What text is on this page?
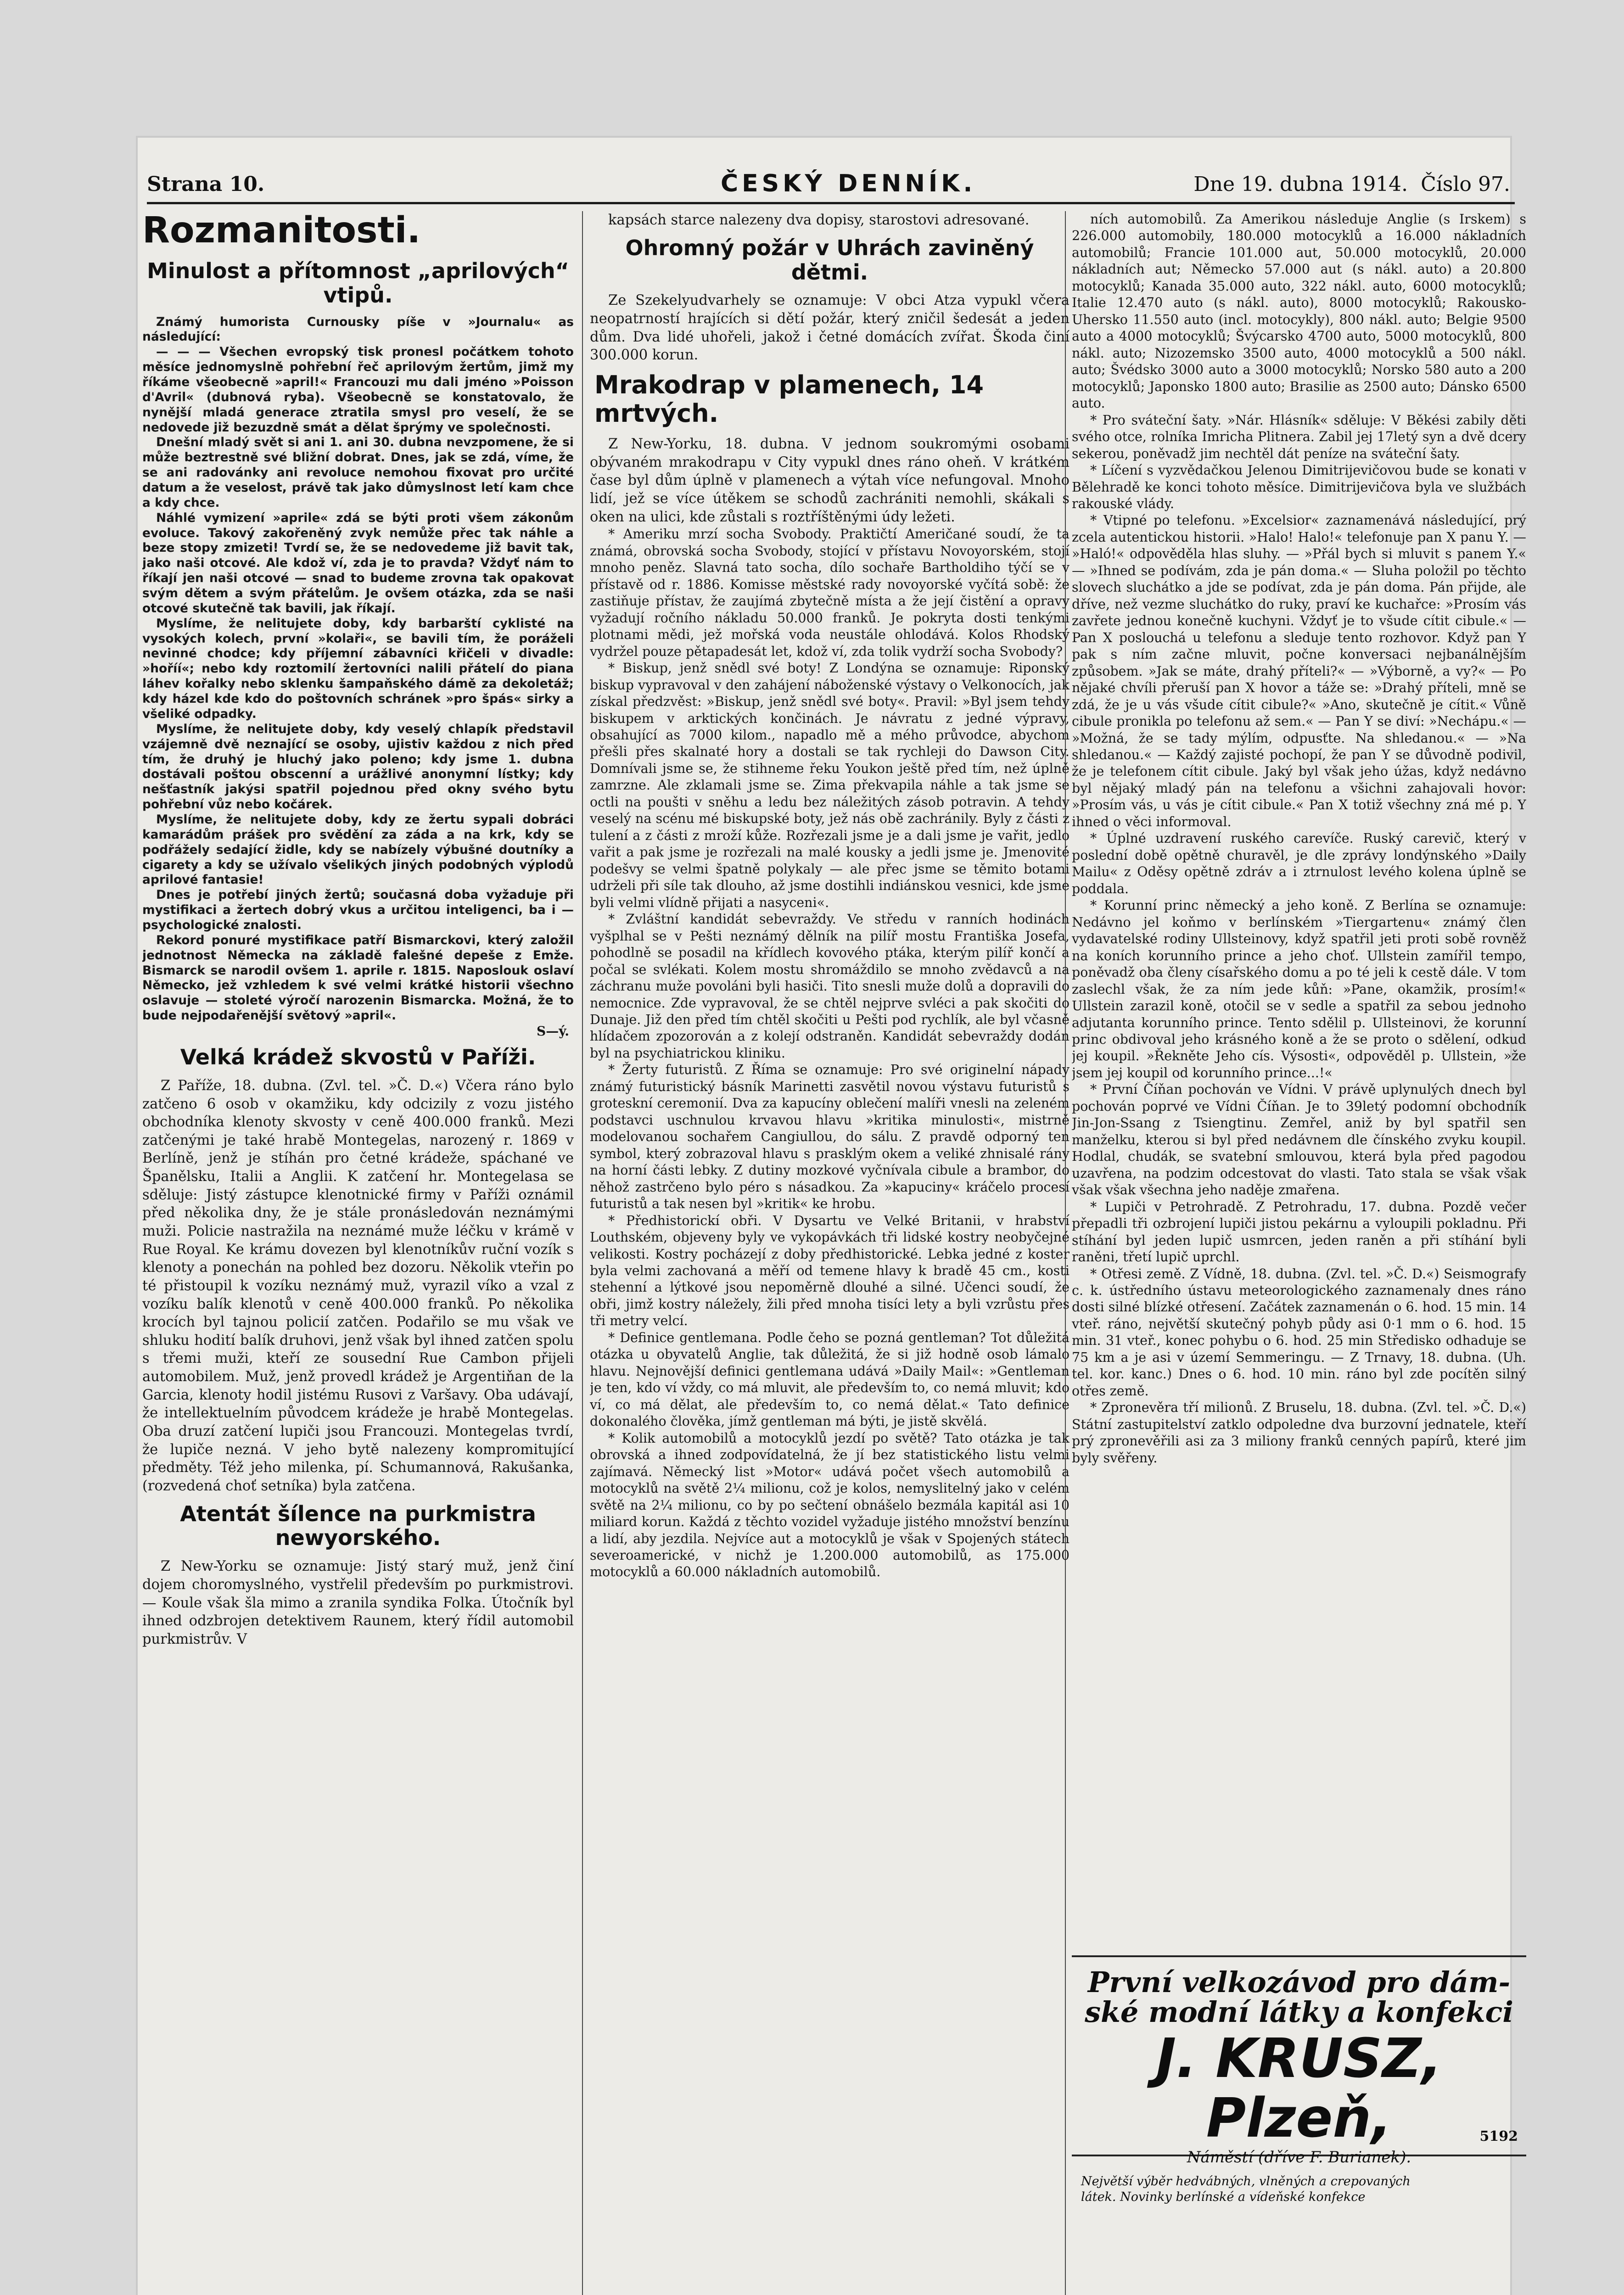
Strana 10.	ČESKÝ DENNÍK.	Dne 19. dubna 1914. Číslo 97.
Rozmanitosti.
Minulost a přítomnost „aprilových“ vtipů.

Známý humorista Curnousky píše v »Journalu« as následující:

— — — Všechen evropský tisk pronesl počátkem tohoto měsíce jednomyslně pohřební řeč aprilovým žertům, jimž my říkáme všeobecně »april!« Francouzi mu dali jméno »Poisson d'Avril« (dubnová ryba). Všeobecně se konstatovalo, že nynější mladá generace ztratila smysl pro veselí, že se nedovede již bezuzdně smát a dělat šprýmy ve společnosti.

Dnešní mladý svět si ani 1. ani 30. dubna nevzpomene, že si může beztrestně své bližní dobrat. Dnes, jak se zdá, víme, že se ani radovánky ani revoluce nemohou fixovat pro určité datum a že veselost, právě tak jako důmyslnost letí kam chce a kdy chce.

Náhlé vymizení »aprile« zdá se býti proti všem zákonům evoluce. Takový zakořeněný zvyk nemůže přec tak náhle a beze stopy zmizeti! Tvrdí se, že se nedovedeme již bavit tak, jako naši otcové. Ale kdož ví, zda je to pravda? Vždyť nám to říkají jen naši otcové — snad to budeme zrovna tak opakovat svým dětem a svým přátelům. Je ovšem otázka, zda se naši otcové skutečně tak bavili, jak říkají.

Myslíme, že nelitujete doby, kdy barbarští cyklisté na vysokých kolech, první »kolaři«, se bavili tím, že poráželi nevinné chodce; kdy příjemní zábavníci křičeli v divadle: »hoříí«; nebo kdy roztomilí žertovníci nalili přátelí do piana láhev kořalky nebo sklenku šampaňského dámě za dekoletáž; kdy házel kde kdo do poštovních schránek »pro špás« sirky a všeliké odpadky.

Myslíme, že nelitujete doby, kdy veselý chlapík představil vzájemně dvě neznající se osoby, ujistiv každou z nich před tím, že druhý je hluchý jako poleno; kdy jsme 1. dubna dostávali poštou obscenní a urážlivé anonymní lístky; kdy nešťastník jakýsi spatřil pojednou před okny svého bytu pohřební vůz nebo kočárek.

Myslíme, že nelitujete doby, kdy ze žertu sypali dobráci kamarádům prášek pro svědění za záda a na krk, kdy se podřážely sedající židle, kdy se nabízely výbušné doutníky a cigarety a kdy se užívalo všelikých jiných podobných výplodů aprilové fantasie!

Dnes je potřebí jiných žertů; současná doba vyžaduje při mystifikaci a žertech dobrý vkus a určitou inteligenci, ba i — psychologické znalosti.

Rekord ponuré mystifikace patří Bismarckovi, který založil jednotnost Německa na základě falešné depeše z Emže. Bismarck se narodil ovšem 1. aprile r. 1815. Naposlouk oslaví Německo, jež vzhledem k své velmi krátké historii všechno oslavuje — stoleté výročí narozenin Bismarcka. Možná, že to bude nejpodařenější světový »april«.

S—ý.

Velká krádež skvostů v Paříži.

Z Paříže, 18. dubna. (Zvl. tel. »Č. D.«) Včera ráno bylo zatčeno 6 osob v okamžiku, kdy odcizily z vozu jistého obchodníka klenoty skvosty v ceně 400.000 franků. Mezi zatčenými je také hrabě Montegelas, narozený r. 1869 v Berlíně, jenž je stíhán pro četné krádeže, spáchané ve Španělsku, Italii a Anglii. K zatčení hr. Montegelasa se sděluje: Jistý zástupce klenotnické firmy v Paříži oznámil před několika dny, že je stále pronásledován neznámými muži. Policie nastražila na neznámé muže léčku v krámě v Rue Royal. Ke krámu dovezen byl klenotníkův ruční vozík s klenoty a ponechán na pohled bez dozoru. Několik vteřin po té přistoupil k vozíku neznámý muž, vyrazil víko a vzal z vozíku balík klenotů v ceně 400.000 franků. Po několika krocích byl tajnou policií zatčen. Podařilo se mu však ve shluku hodití balík druhovi, jenž však byl ihned zatčen spolu s třemi muži, kteří ze sousední Rue Cambon přijeli automobilem. Muž, jenž provedl krádež je Argentiňan de la Garcia, klenoty hodil jistému Rusovi z Varšavy. Oba udávají, že intellektuelním původcem krádeže je hrabě Montegelas. Oba druzí zatčení lupiči jsou Francouzi. Montegelas tvrdí, že lupiče nezná. V jeho bytě nalezeny kompromitující předměty. Též jeho milenka, pí. Schumannová, Rakušanka, (rozvedená choť setníka) byla zatčena.

Atentát šílence na purkmistra newyorského.

Z New-Yorku se oznamuje: Jistý starý muž, jenž činí dojem choromyslného, vystřelil především po purkmistrovi. — Koule však šla mimo a zranila syndika Folka. Útočník byl ihned odzbrojen detektivem Raunem, který řídil automobil purkmistrův. V

kapsách starce nalezeny dva dopisy, starostovi adresované.

Ohromný požár v Uhrách zaviněný dětmi.

Ze Szekelyudvarhely se oznamuje: V obci Atza vypukl včera neopatrností hrajících si dětí požár, který zničil šedesát a jeden dům. Dva lidé uhořeli, jakož i četné domácích zvířat. Škoda činí 300.000 korun.

Mrakodrap v plamenech, 14 mrtvých.

Z New-Yorku, 18. dubna. V jednom soukromými osobami obývaném mrakodrapu v City vypukl dnes ráno oheň. V krátkém čase byl dům úplně v plamenech a výtah více nefungoval. Mnoho lidí, jež se více útěkem se schodů zachrániti nemohli, skákali s oken na ulici, kde zůstali s roztříštěnými údy ležeti.

* Ameriku mrzí socha Svobody. Praktičtí Američané soudí, že ta známá, obrovská socha Svobody, stojící v přístavu Novoyorském, stojí mnoho peněz. Slavná tato socha, dílo sochaře Bartholdiho týčí se v přístavě od r. 1886. Komisse městské rady novoyorské vyčítá sobě: že zastiňuje přístav, že zaujímá zbytečně místa a že její čistění a opravy vyžadují ročního nákladu 50.000 franků. Je pokryta dosti tenkými plotnami mědi, jež mořská voda neustále ohlodává. Kolos Rhodský vydržel pouze pětapadesát let, kdož ví, zda tolik vydrží socha Svobody?

* Biskup, jenž snědl své boty! Z Londýna se oznamuje: Riponský biskup vypravoval v den zahájení náboženské výstavy o Velkonocích, jak získal předzvěst: »Biskup, jenž snědl své boty«. Pravil: »Byl jsem tehdy biskupem v arktických končinách. Je návratu z jedné výpravy, obsahující as 7000 kilom., napadlo mě a mého průvodce, abychom přešli přes skalnaté hory a dostali se tak rychleji do Dawson City. Domnívali jsme se, že stihneme řeku Youkon ještě před tím, než úplně zamrzne. Ale zklamali jsme se. Zima překvapila náhle a tak jsme se octli na poušti v sněhu a ledu bez náležitých zásob potravin. A tehdy veselý na scénu mé biskupské boty, jež nás obě zachránily. Byly z části z tulení a z části z mroží kůže. Rozřezali jsme je a dali jsme je vařit, jedlo vařit a pak jsme je rozřezali na malé kousky a jedli jsme je. Jmenovité podešvy se velmi špatně polykaly — ale přec jsme se těmito botami udrželi při síle tak dlouho, až jsme dostihli indiánskou vesnici, kde jsme byli velmi vlídně přijati a nasyceni«.

* Zvláštní kandidát sebevraždy. Ve středu v ranních hodinách vyšplhal se v Pešti neznámý dělník na pilíř mostu Františka Josefa, pohodlně se posadil na křídlech kovového ptáka, kterým pilíř končí a počal se svlékati. Kolem mostu shromáždilo se mnoho zvědavců a na záchranu muže povoláni byli hasiči. Tito snesli muže dolů a dopravili do nemocnice. Zde vypravoval, že se chtěl nejprve svléci a pak skočiti do Dunaje. Již den před tím chtěl skočiti u Pešti pod rychlík, ale byl včasně hlídačem zpozorován a z kolejí odstraněn. Kandidát sebevraždy dodán byl na psychiatrickou kliniku.

* Žerty futuristů. Z Říma se oznamuje: Pro své originelní nápady známý futuristický básník Marinetti zasvětil novou výstavu futuristů s groteskní ceremonií. Dva za kapucíny oblečení malíři vnesli na zeleném podstavci uschnulou krvavou hlavu »kritika minulosti«, mistrně modelovanou sochařem Cangiullou, do sálu. Z pravdě odporný ten symbol, který zobrazoval hlavu s prasklým okem a veliké zhnisalé rány na horní části lebky. Z dutiny mozkové vyčnívala cibule a brambor, do něhož zastrčeno bylo péro s násadkou. Za »kapuciny« kráčelo procesí futuristů a tak nesen byl »kritik« ke hrobu.

* Předhistorickí obři. V Dysartu ve Velké Britanii, v hrabství Louthském, objeveny byly ve vykopávkách tři lidské kostry neobyčejné velikosti. Kostry pocházejí z doby předhistorické. Lebka jedné z koster byla velmi zachovaná a měří od temene hlavy k bradě 45 cm., kosti stehenní a lýtkové jsou nepoměrně dlouhé a silné. Učenci soudí, že obři, jimž kostry náležely, žili před mnoha tisíci lety a byli vzrůstu přes tři metry velcí.

* Definice gentlemana. Podle čeho se pozná gentleman? Tot důležitá otázka u obyvatelů Anglie, tak důležitá, že si již hodně osob lámalo hlavu. Nejnovější definici gentlemana udává »Daily Mail«: »Gentleman je ten, kdo ví vždy, co má mluvit, ale především to, co nemá mluvit; kdo ví, co má dělat, ale především to, co nemá dělat.« Tato definice dokonalého člověka, jímž gentleman má býti, je jistě skvělá.

* Kolik automobilů a motocyklů jezdí po světě? Tato otázka je tak obrovská a ihned zodpovídatelná, že jí bez statistického listu velmi zajímavá. Německý list »Motor« udává počet všech automobilů a motocyklů na světě 2¼ milionu, což je kolos, nemyslitelný jako v celém světě na 2¼ milionu, co by po sečtení obnášelo bezmála kapitál asi 10 miliard korun. Každá z těchto vozidel vyžaduje jistého množství benzínu a lidí, aby jezdila. Nejvíce aut a motocyklů je však v Spojených státech severoamerické, v nichž je 1.200.000 automobilů, as 175.000 motocyklů a 60.000 nákladních automobilů.

ních automobilů. Za Amerikou následuje Anglie (s Irskem) s 226.000 automobily, 180.000 motocyklů a 16.000 nákladních automobilů; Francie 101.000 aut, 50.000 motocyklů, 20.000 nákladních aut; Německo 57.000 aut (s nákl. auto) a 20.800 motocyklů; Kanada 35.000 auto, 322 nákl. auto, 6000 motocyklů; Italie 12.470 auto (s nákl. auto), 8000 motocyklů; Rakousko-Uhersko 11.550 auto (incl. motocykly), 800 nákl. auto; Belgie 9500 auto a 4000 motocyklů; Švýcarsko 4700 auto, 5000 motocyklů, 800 nákl. auto; Nizozemsko 3500 auto, 4000 motocyklů a 500 nákl. auto; Švédsko 3000 auto a 3000 motocyklů; Norsko 580 auto a 200 motocyklů; Japonsko 1800 auto; Brasilie as 2500 auto; Dánsko 6500 auto.

* Pro sváteční šaty. »Nár. Hlásník« sděluje: V Běkési zabily děti svého otce, rolníka Imricha Plitnera. Zabil jej 17letý syn a dvě dcery sekerou, poněvadž jim nechtěl dát peníze na sváteční šaty.

* Líčení s vyzvědačkou Jelenou Dimitrijevičovou bude se konati v Bělehradě ke konci tohoto měsíce. Dimitrijevičova byla ve službách rakouské vlády.

* Vtipné po telefonu. »Excelsior« zaznamenává následující, prý zcela autentickou historii. »Halo! Halo!« telefonuje pan X panu Y. — »Haló!« odpověděla hlas sluhy. — »Přál bych si mluvit s panem Y.« — »Ihned se podívám, zda je pán doma.« — Sluha položil po těchto slovech sluchátko a jde se podívat, zda je pán doma. Pán přijde, ale dříve, než vezme sluchátko do ruky, praví ke kuchařce: »Prosím vás zavřete jednou konečně kuchyni. Vždyť je to všude cítit cibule.« — Pan X poslouchá u telefonu a sleduje tento rozhovor. Když pan Y pak s ním začne mluvit, počne konversaci nejbanálnějším způsobem. »Jak se máte, drahý příteli?« — »Výborně, a vy?« — Po nějaké chvíli přeruší pan X hovor a táže se: »Drahý příteli, mně se zdá, že je u vás všude cítit cibule?« »Ano, skutečně je cítit.« Vůně cibule pronikla po telefonu až sem.« — Pan Y se diví: »Nechápu.« — »Možná, že se tady mýlím, odpusťte. Na shledanou.« — »Na shledanou.« — Každý zajisté pochopí, že pan Y se důvodně podivil, že je telefonem cítit cibule. Jaký byl však jeho úžas, když nedávno byl nějaký mladý pán na telefonu a všichni zahajovali hovor: »Prosím vás, u vás je cítit cibule.« Pan X totiž všechny zná mé p. Y ihned o věci informoval.

* Úplné uzdravení ruského carevíče. Ruský carevič, který v poslední době opětně churavěl, je dle zprávy londýnského »Daily Mailu« z Oděsy opětně zdráv a i ztrnulost levého kolena úplně se poddala.

* Korunní princ německý a jeho koně. Z Berlína se oznamuje: Nedávno jel koňmo v berlínském »Tiergartenu« známý člen vydavatelské rodiny Ullsteinovy, když spatřil jeti proti sobě rovněž na koních korunního prince a jeho choť. Ullstein zamířil tempo, poněvadž oba členy císařského domu a po té jeli k cestě dále. V tom zaslechl však, že za ním jede kůň: »Pane, okamžik, prosím!« Ullstein zarazil koně, otočil se v sedle a spatřil za sebou jednoho adjutanta korunního prince. Tento sdělil p. Ullsteinovi, že korunní princ obdivoval jeho krásného koně a že se proto o sdělení, odkud jej koupil. »Řekněte Jeho cís. Výsosti«, odpověděl p. Ullstein, »že jsem jej koupil od korunního prince...!«

* První Číňan pochován ve Vídni. V právě uplynulých dnech byl pochován poprvé ve Vídni Číňan. Je to 39letý podomní obchodník Jin-Jon-Ssang z Tsiengtinu. Zemřel, aniž by byl spatřil sen manželku, kterou si byl před nedávnem dle čínského zvyku koupil. Hodlal, chudák, se svatební smlouvou, která byla před pagodou uzavřena, na podzim odcestovat do vlasti. Tato stala se však však však však všechna jeho naděje zmařena.

* Lupiči v Petrohradě. Z Petrohradu, 17. dubna. Pozdě večer přepadli tři ozbrojení lupiči jistou pekárnu a vyloupili pokladnu. Při stíhání byl jeden lupič usmrcen, jeden raněn a při stíhání byli raněni, třetí lupič uprchl.

* Otřesi země. Z Vídně, 18. dubna. (Zvl. tel. »Č. D.«) Seismografy c. k. ústředního ústavu meteorologického zaznamenaly dnes ráno dosti silné blízké otřesení. Začátek zaznamenán o 6. hod. 15 min. 14 vteř. ráno, největší skutečný pohyb půdy asi 0·1 mm o 6. hod. 15 min. 31 vteř., konec pohybu o 6. hod. 25 min Středisko odhaduje se 75 km a je asi v území Semmeringu. — Z Trnavy, 18. dubna. (Uh. tel. kor. kanc.) Dnes o 6. hod. 10 min. ráno byl zde pocítěn silný otřes země.

* Zpronevěra tří milionů. Z Bruselu, 18. dubna. (Zvl. tel. »Č. D.«) Státní zastupitelství zatklo odpoledne dva burzovní jednatele, kteří prý zpronevěřili asi za 3 miliony franků cenných papírů, které jim byly svěřeny.

První velkozávod pro dám-
ské modní látky a konfekci
J. KRUSZ, Plzeň,
Náměstí (dříve F. Burianek).
Největší výběr hedvábných, vlněných a crepovaných
látek. Novinky berlínské a vídeňské konfekce
5192
